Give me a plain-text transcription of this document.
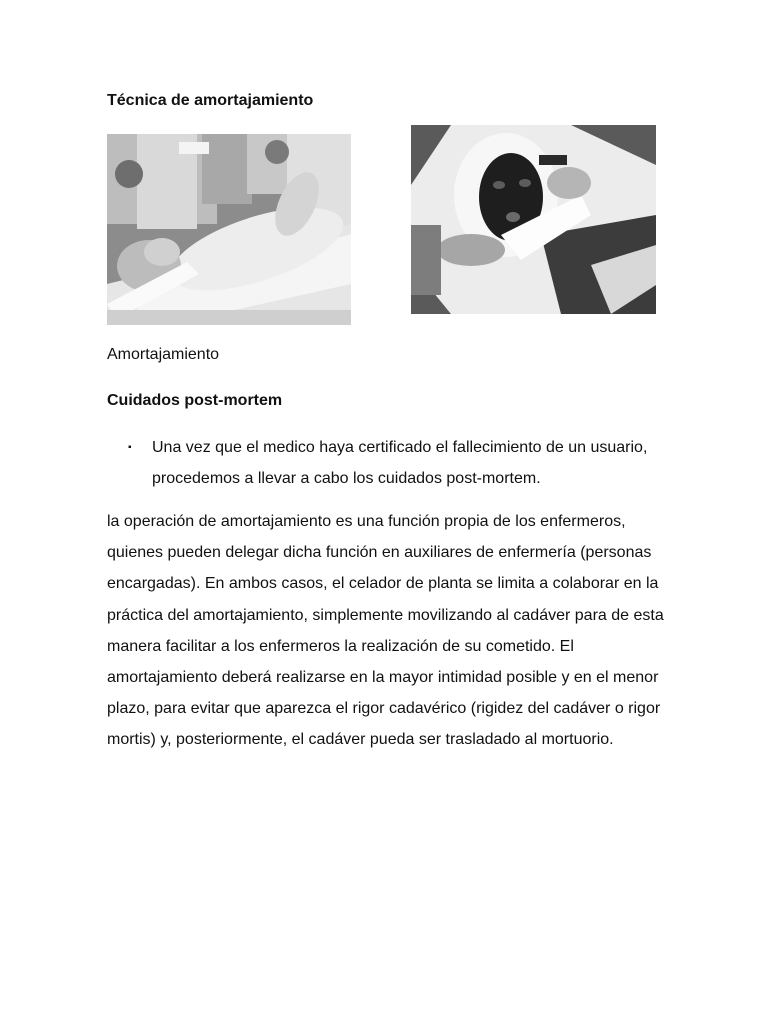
Técnica de amortajamiento

Amortajamiento

Cuidados post-mortem
▪ Una vez que el medico haya certificado el fallecimiento de un usuario, procedemos a llevar a cabo los cuidados post-mortem.

la operación de amortajamiento es una función propia de los enfermeros, quienes pueden delegar dicha función en auxiliares de enfermería (personas encargadas). En ambos casos, el celador de planta se limita a colaborar en la práctica del amortajamiento, simplemente movilizando al cadáver para de esta manera facilitar a los enfermeros la realización de su cometido. El amortajamiento deberá realizarse en la mayor intimidad posible y en el menor plazo, para evitar que aparezca el rigor cadavérico (rigidez del cadáver o rigor mortis) y, posteriormente, el cadáver pueda ser trasladado al mortuorio.
